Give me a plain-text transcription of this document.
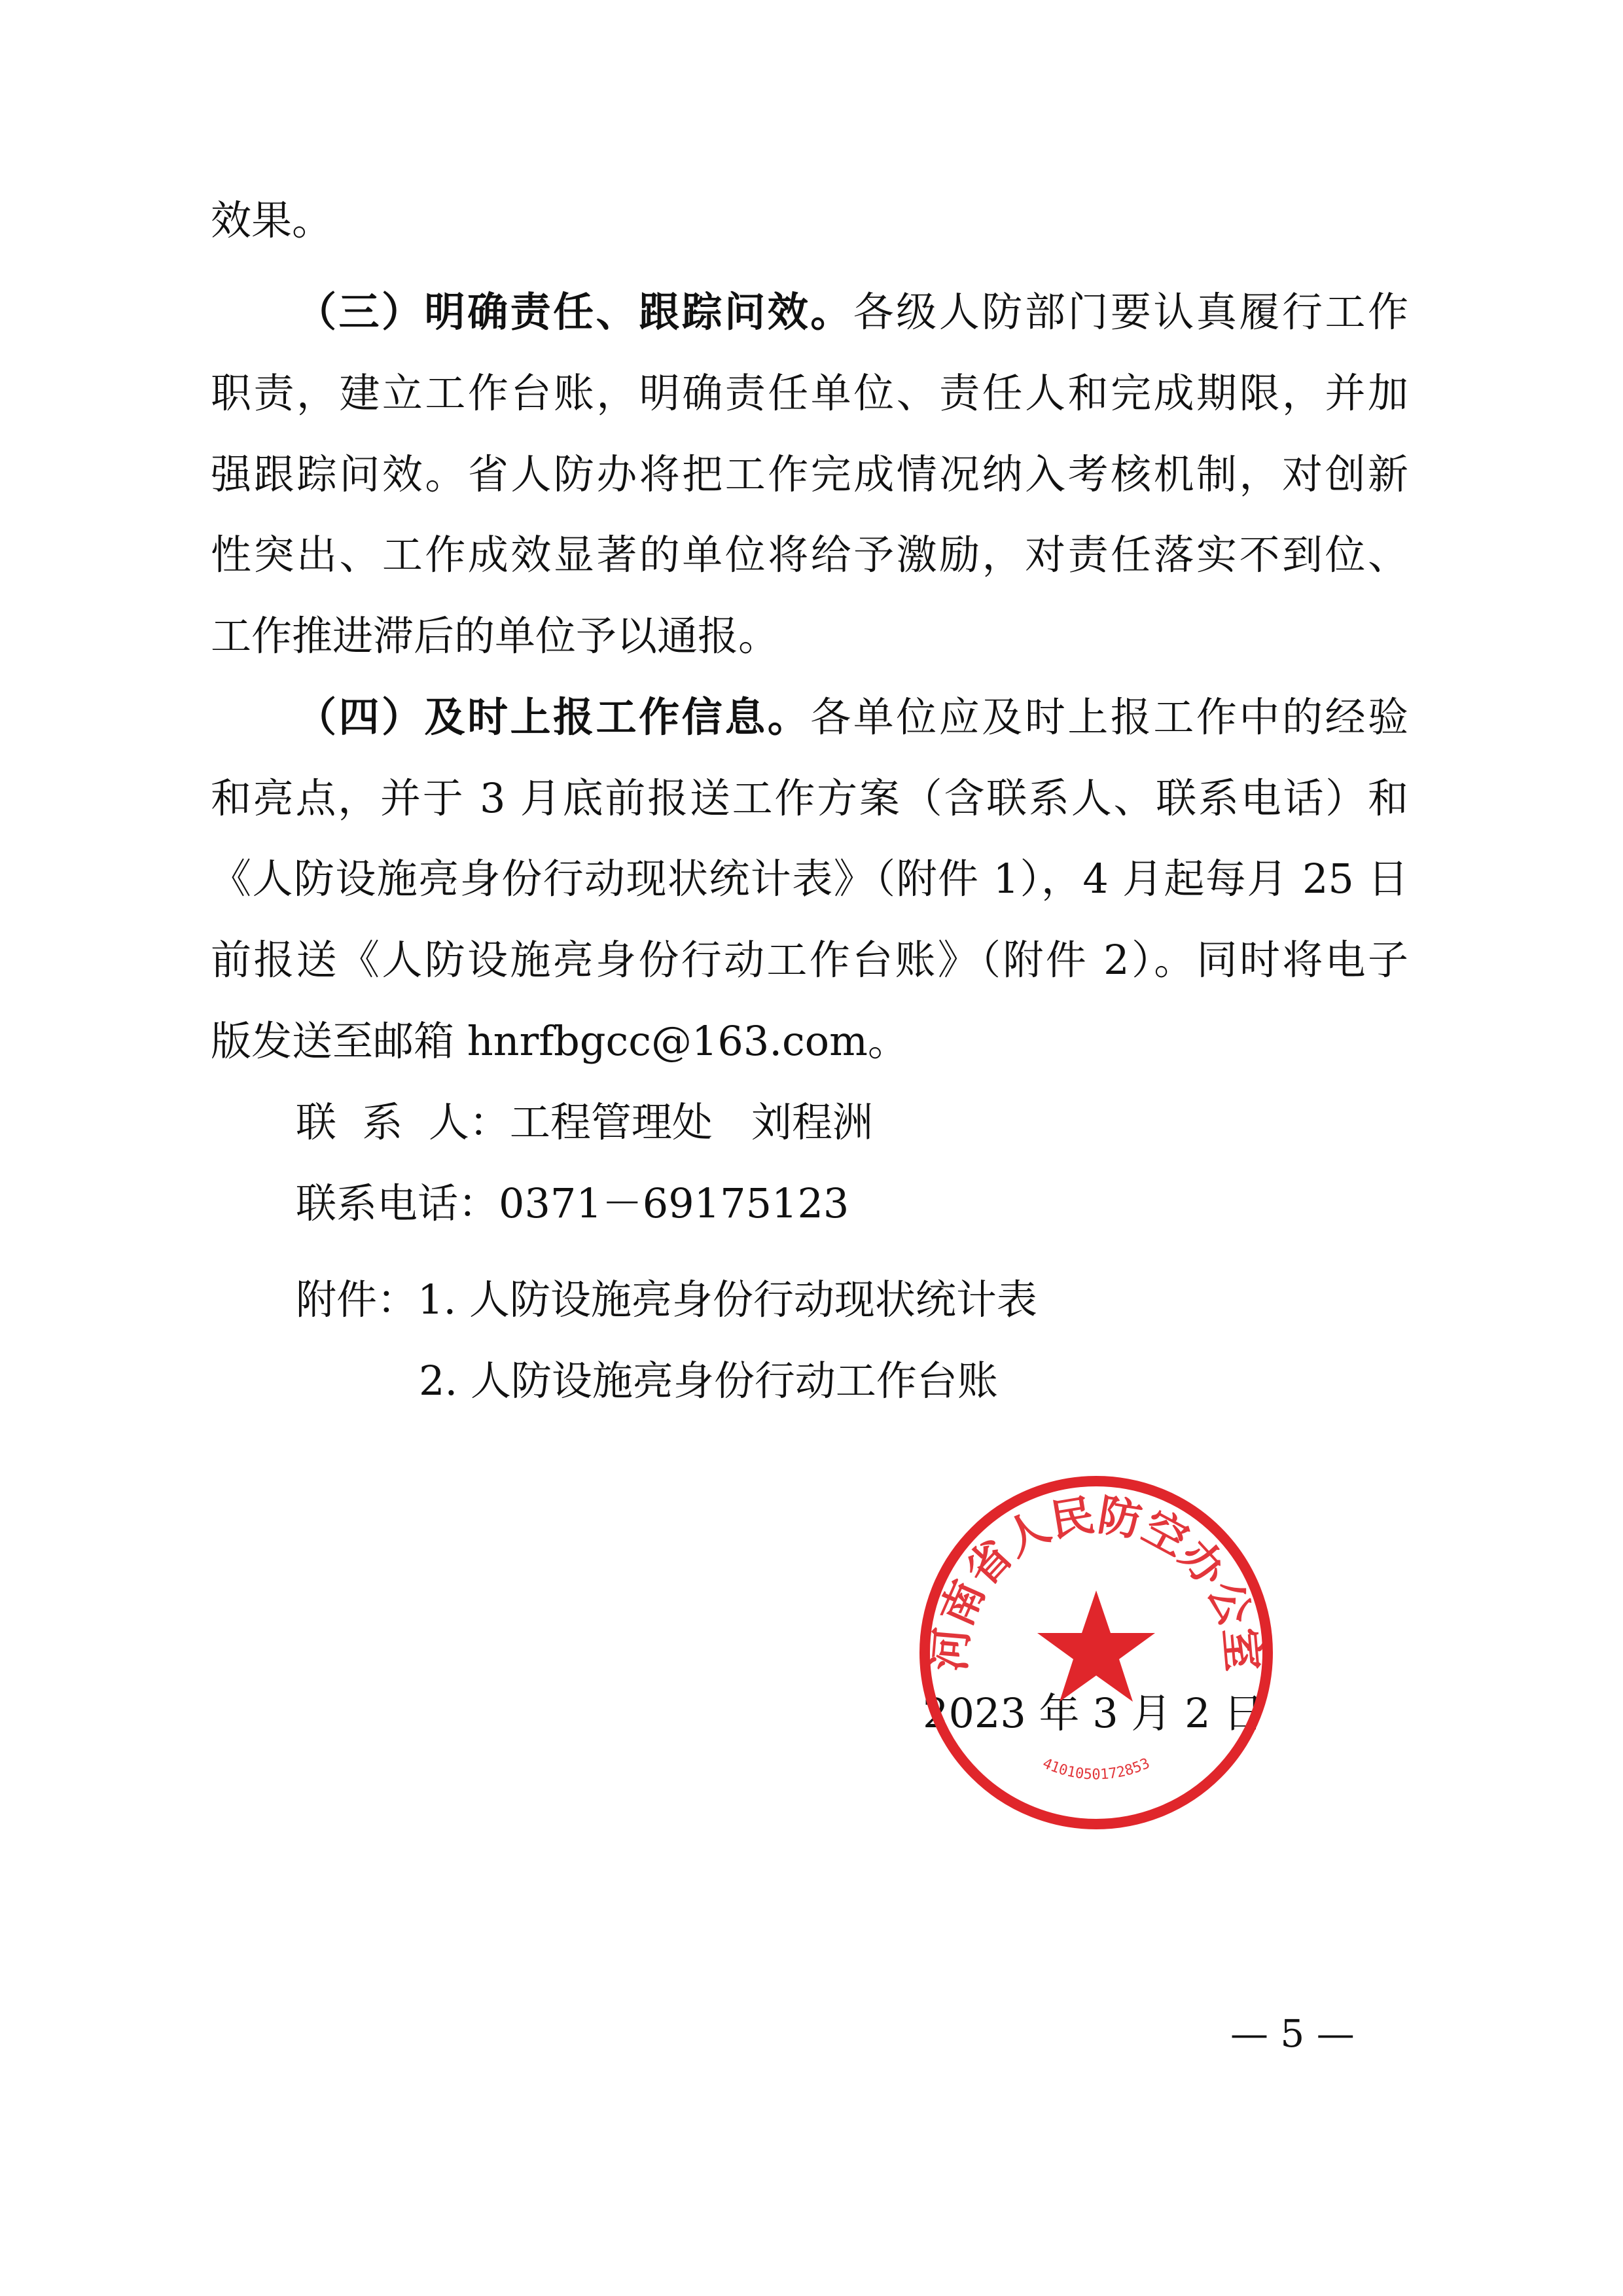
效果。
（三）明确责任、跟踪问效。各级人防部门要认真履行工作
职责，建立工作台账，明确责任单位、责任人和完成期限，并加
强跟踪问效。省人防办将把工作完成情况纳入考核机制，对创新
性突出、工作成效显著的单位将给予激励，对责任落实不到位、
工作推进滞后的单位予以通报。
（四）及时上报工作信息。各单位应及时上报工作中的经验
和亮点，并于 3 月底前报送工作方案（含联系人、联系电话）和
《人防设施亮身份行动现状统计表》（附件 1），4 月起每月 25 日
前报送《人防设施亮身份行动工作台账》（附件 2）。同时将电子
版发送至邮箱 hnrfbgcc@163.com。
联  系  人：工程管理处   刘程洲
联系电话：0371－69175123
附件：1. 人防设施亮身份行动现状统计表
2. 人防设施亮身份行动工作台账
2023 年 3 月 2 日
河南省人民防空办公室
4101050172853
— 5 —
